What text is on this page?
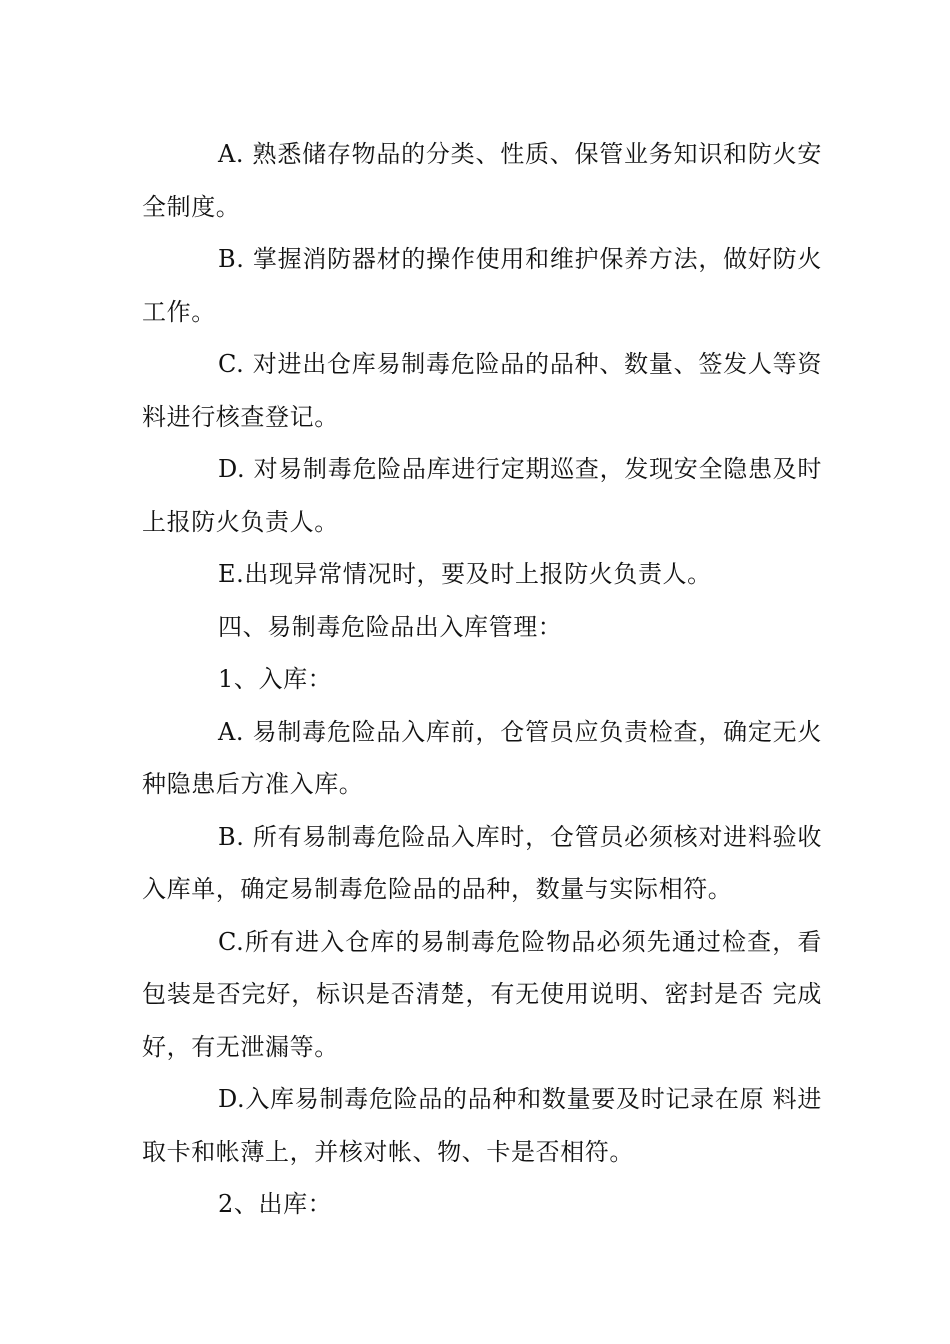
A. 熟悉储存物品的分类、性质、保管业务知识和防火安全制度。

B. 掌握消防器材的操作使用和维护保养方法，做好防火工作。

C. 对进出仓库易制毒危险品的品种、数量、签发人等资料进行核查登记。

D. 对易制毒危险品库进行定期巡查，发现安全隐患及时上报防火负责人。

E.出现异常情况时，要及时上报防火负责人。

四、易制毒危险品出入库管理：

1、入库：

A. 易制毒危险品入库前，仓管员应负责检查，确定无火种隐患后方准入库。

B. 所有易制毒危险品入库时，仓管员必须核对进料验收入库单，确定易制毒危险品的品种，数量与实际相符。

C.所有进入仓库的易制毒危险物品必须先通过检查，看包装是否完好，标识是否清楚，有无使用说明、密封是否 完成好，有无泄漏等。

D.入库易制毒危险品的品种和数量要及时记录在原 料进取卡和帐薄上，并核对帐、物、卡是否相符。

2、出库：
